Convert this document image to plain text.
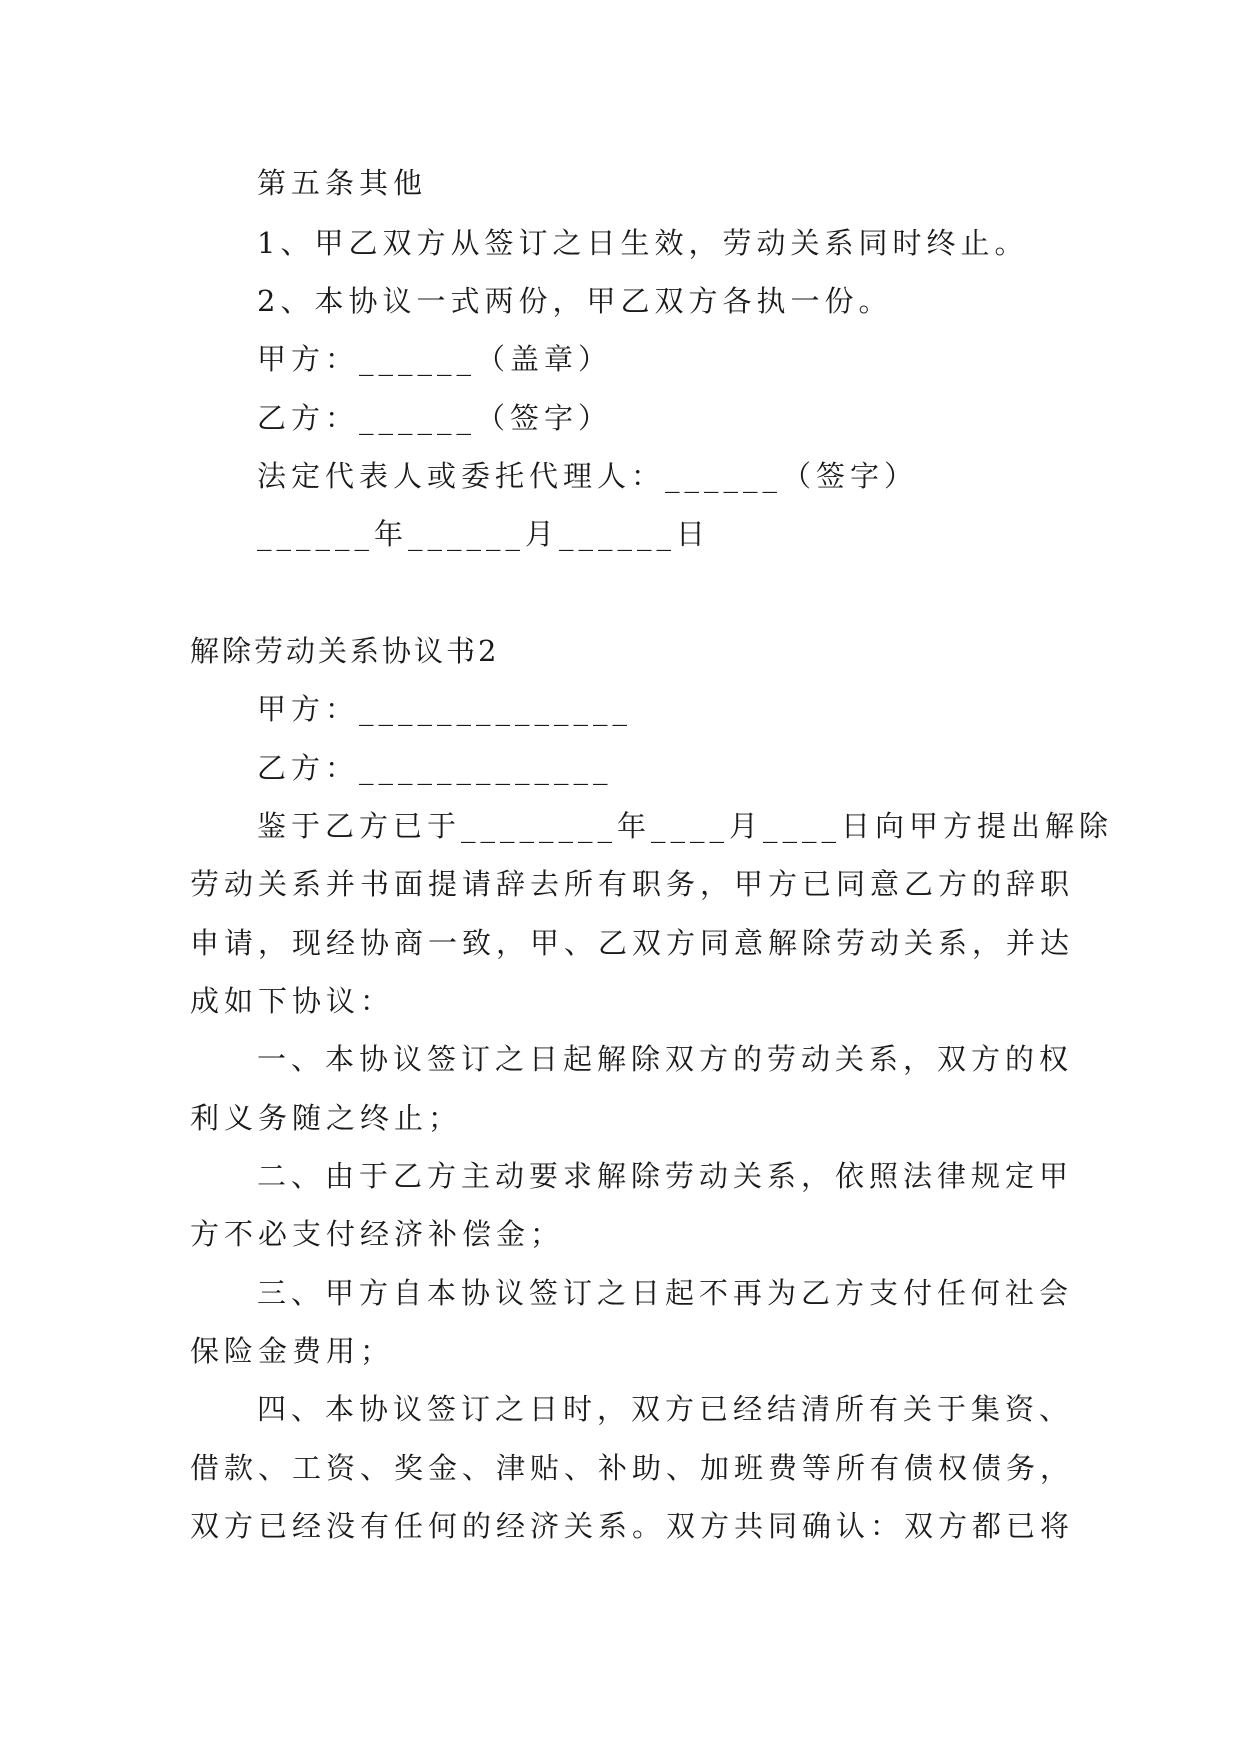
第五条其他
1、甲乙双方从签订之日生效，劳动关系同时终止。
2、本协议一式两份，甲乙双方各执一份。
甲方：______（盖章）
乙方：______（签字）
法定代表人或委托代理人：______（签字）
______年______月______日
解除劳动关系协议书2
甲方：______________
乙方：_____________
鉴于乙方已于________年____月____日向甲方提出解除
劳动关系并书面提请辞去所有职务，甲方已同意乙方的辞职
申请，现经协商一致，甲、乙双方同意解除劳动关系，并达
成如下协议：
一、本协议签订之日起解除双方的劳动关系，双方的权
利义务随之终止；
二、由于乙方主动要求解除劳动关系，依照法律规定甲
方不必支付经济补偿金；
三、甲方自本协议签订之日起不再为乙方支付任何社会
保险金费用；
四、本协议签订之日时，双方已经结清所有关于集资、
借款、工资、奖金、津贴、补助、加班费等所有债权债务，
双方已经没有任何的经济关系。双方共同确认：双方都已将
